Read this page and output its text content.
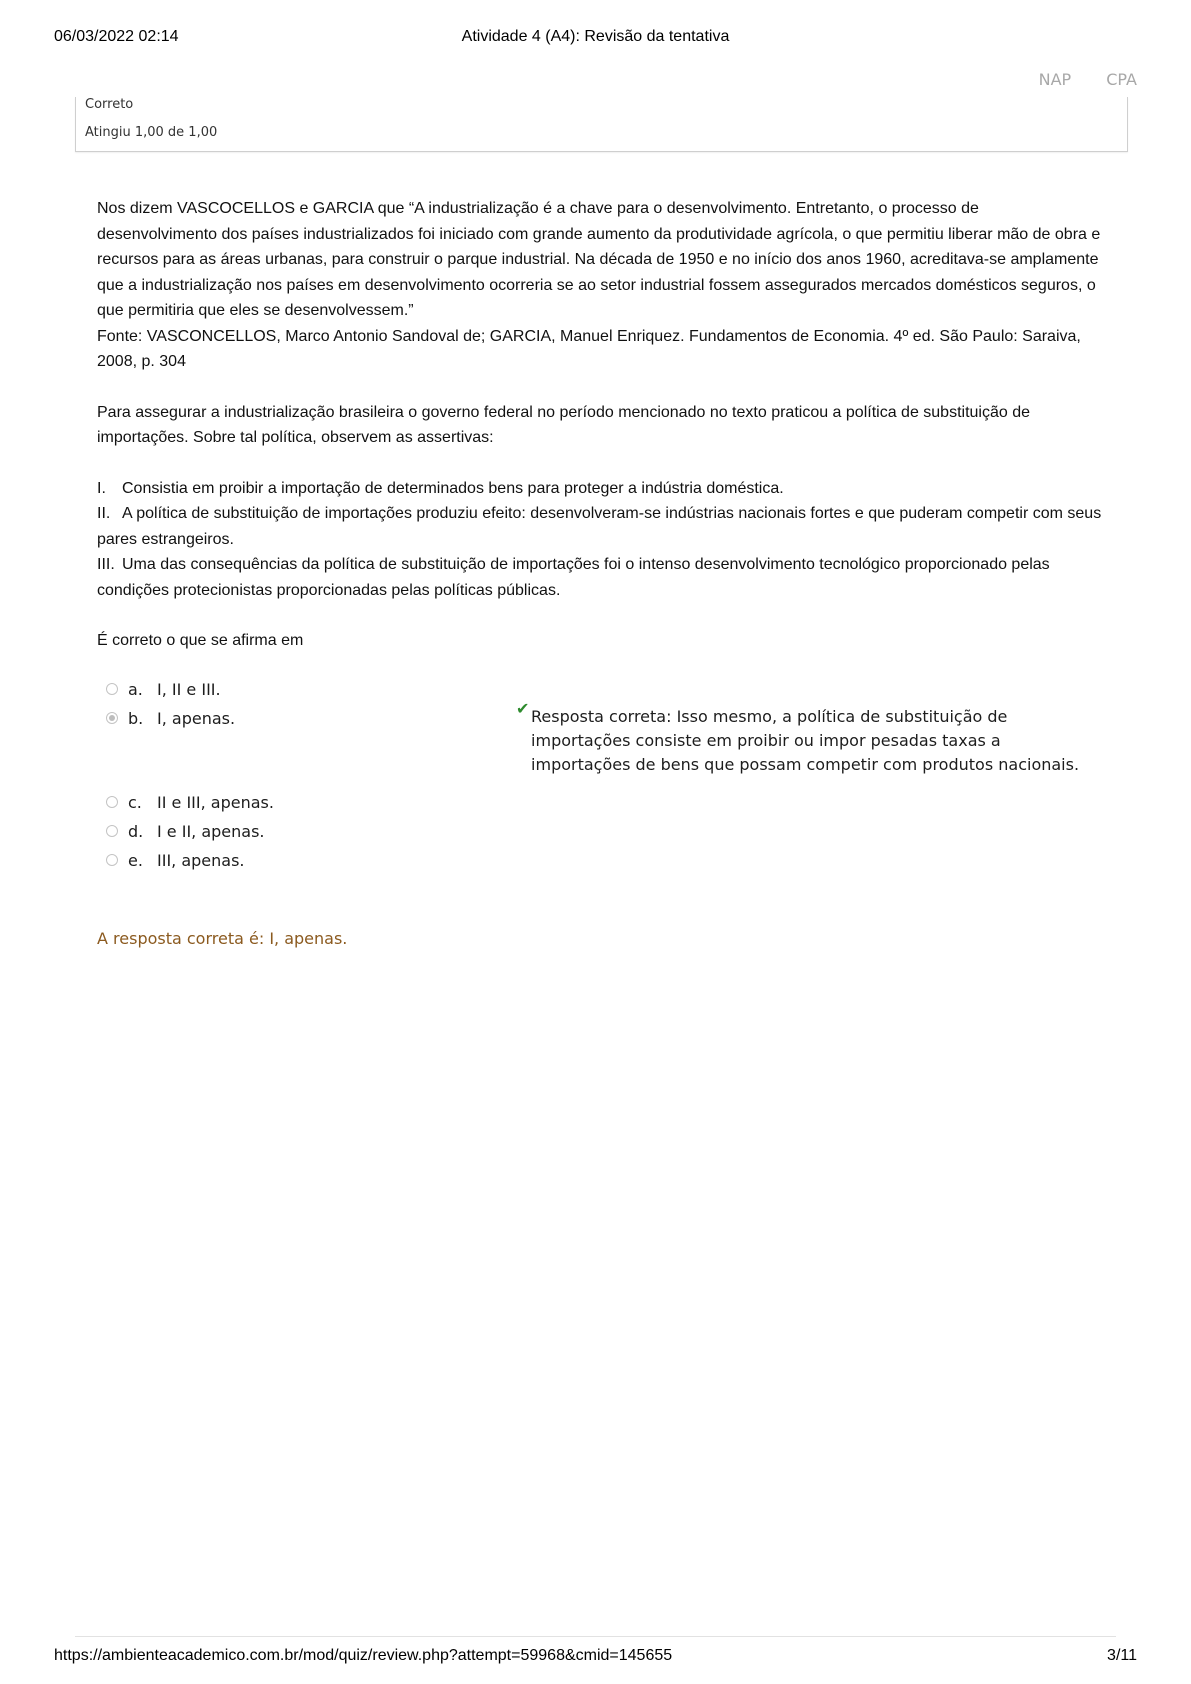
06/03/2022 02:14	Atividade 4 (A4): Revisão da tentativa
NAP CPA
Correto
Atingiu 1,00 de 1,00

Nos dizem VASCOCELLOS e GARCIA que “A industrialização é a chave para o desenvolvimento. Entretanto, o processo de desenvolvimento dos países industrializados foi iniciado com grande aumento da produtividade agrícola, o que permitiu liberar mão de obra e recursos para as áreas urbanas, para construir o parque industrial. Na década de 1950 e no início dos anos 1960, acreditava-se amplamente que a industrialização nos países em desenvolvimento ocorreria se ao setor industrial fossem assegurados mercados domésticos seguros, o que permitiria que eles se desenvolvessem.”

Fonte: VASCONCELLOS, Marco Antonio Sandoval de; GARCIA, Manuel Enriquez. Fundamentos de Economia. 4º ed. São Paulo: Saraiva, 2008, p. 304

Para assegurar a industrialização brasileira o governo federal no período mencionado no texto praticou a política de substituição de importações. Sobre tal política, observem as assertivas:

I. Consistia em proibir a importação de determinados bens para proteger a indústria doméstica.

II. A política de substituição de importações produziu efeito: desenvolveram-se indústrias nacionais fortes e que puderam competir com seus pares estrangeiros.

III. Uma das consequências da política de substituição de importações foi o intenso desenvolvimento tecnológico proporcionado pelas condições protecionistas proporcionadas pelas políticas públicas.

É correto o que se afirma em

a. I, II e III.
b. I, apenas.	✔ Resposta correta: Isso mesmo, a política de substituição de importações consiste em proibir ou impor pesadas taxas a importações de bens que possam competir com produtos nacionais.
c. II e III, apenas.
d. I e II, apenas.
e. III, apenas.
A resposta correta é: I, apenas.
https://ambienteacademico.com.br/mod/quiz/review.php?attempt=59968&cmid=145655	3/11
